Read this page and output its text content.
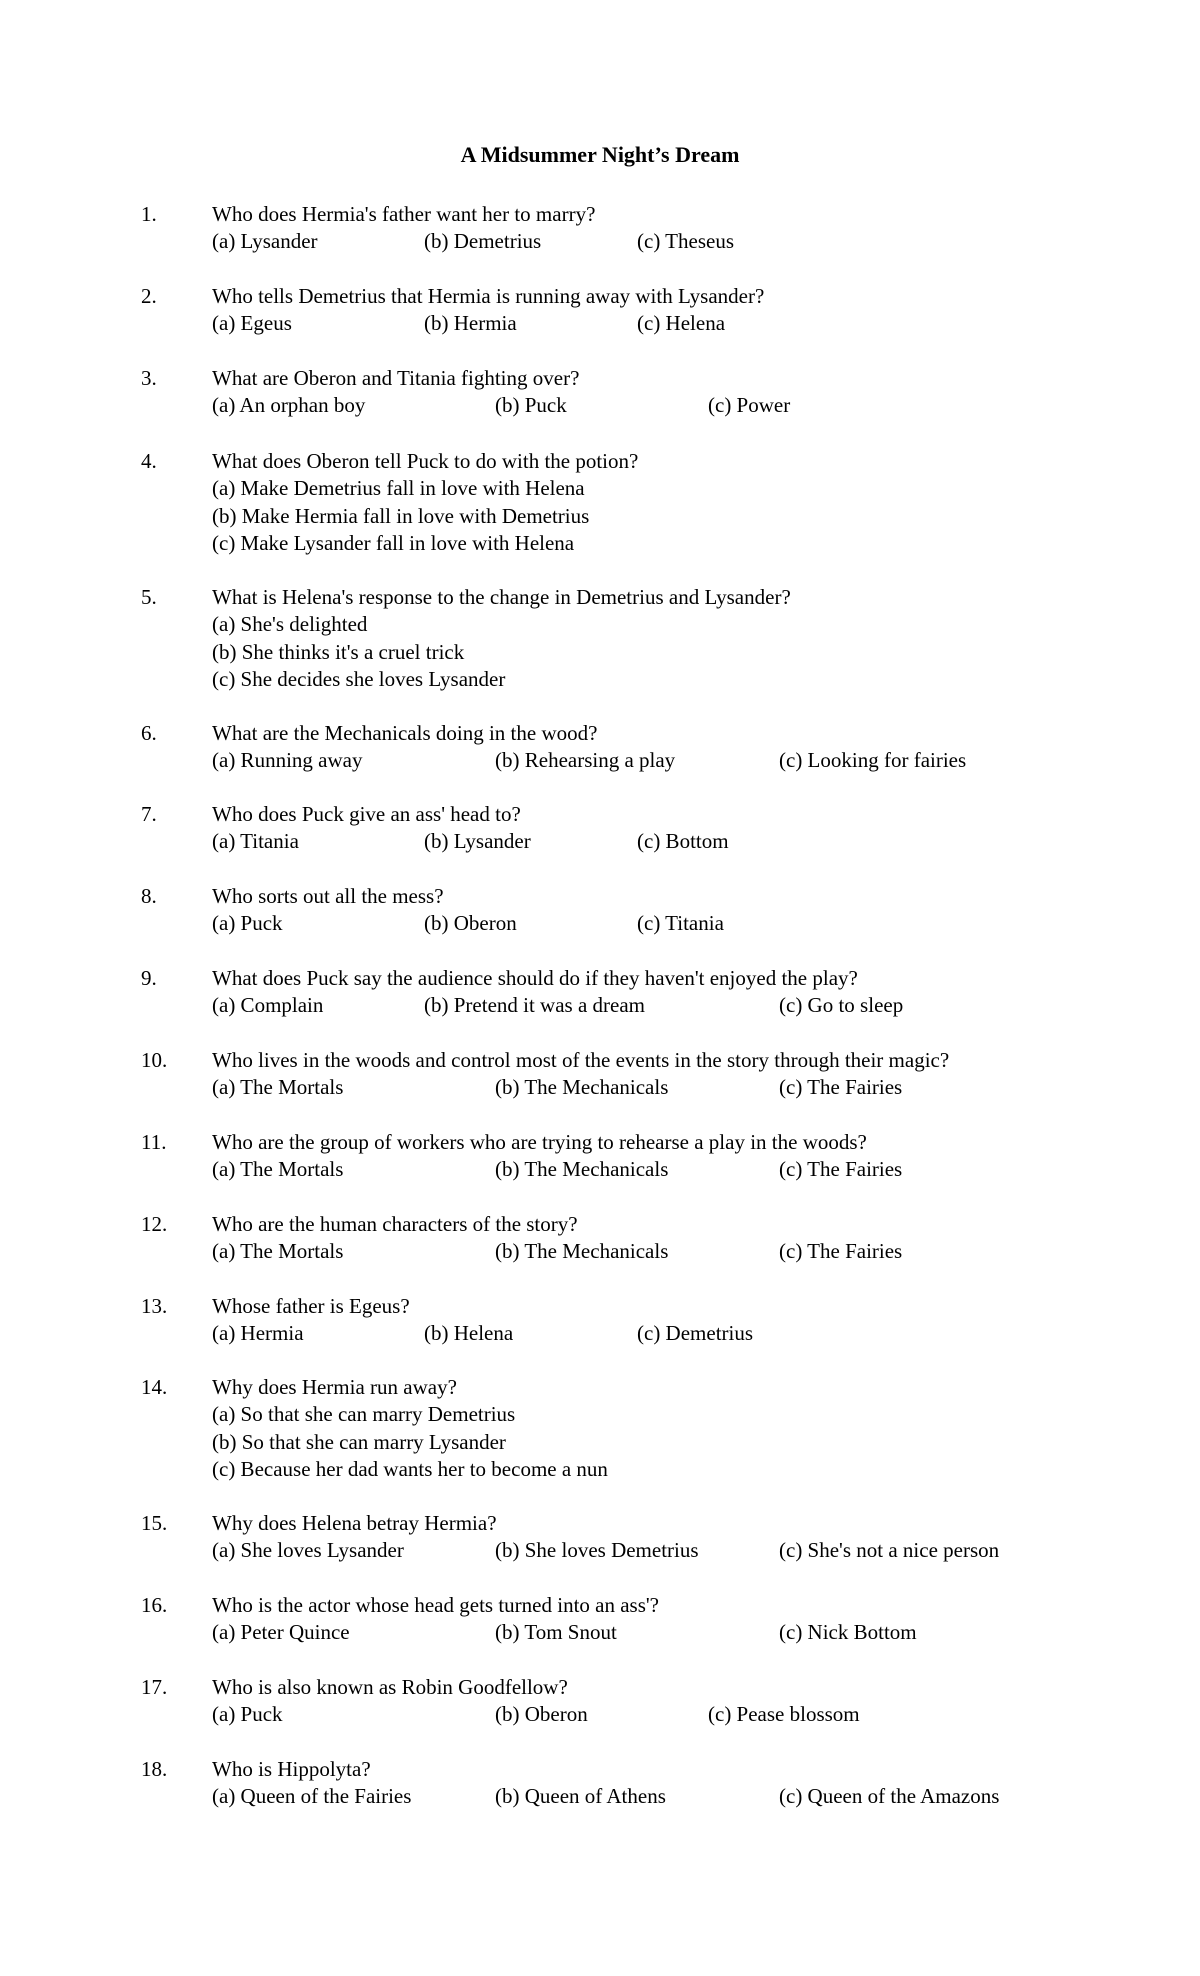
A Midsummer Night’s Dream
1.	Who does Hermia's father want her to marry?
(a) Lysander	(b) Demetrius	(c) Theseus
2.	Who tells Demetrius that Hermia is running away with Lysander?
(a) Egeus	(b) Hermia	(c) Helena
3.	What are Oberon and Titania fighting over?
(a) An orphan boy	(b) Puck	(c) Power
4.	What does Oberon tell Puck to do with the potion?
(a) Make Demetrius fall in love with Helena
(b) Make Hermia fall in love with Demetrius
(c) Make Lysander fall in love with Helena
5.	What is Helena's response to the change in Demetrius and Lysander?
(a) She's delighted
(b) She thinks it's a cruel trick
(c) She decides she loves Lysander
6.	What are the Mechanicals doing in the wood?
(a) Running away	(b) Rehearsing a play	(c) Looking for fairies
7.	Who does Puck give an ass' head to?
(a) Titania	(b) Lysander	(c) Bottom
8.	Who sorts out all the mess?
(a) Puck	(b) Oberon	(c) Titania
9.	What does Puck say the audience should do if they haven't enjoyed the play?
(a) Complain	(b) Pretend it was a dream	(c) Go to sleep
10. Who lives in the woods and control most of the events in the story through their magic?
(a) The Mortals	(b) The Mechanicals	(c) The Fairies
11. Who are the group of workers who are trying to rehearse a play in the woods?
(a) The Mortals	(b) The Mechanicals	(c) The Fairies
12. Who are the human characters of the story?
(a) The Mortals	(b) The Mechanicals	(c) The Fairies
13. Whose father is Egeus?
(a) Hermia	(b) Helena	(c) Demetrius
14. Why does Hermia run away?
(a) So that she can marry Demetrius
(b) So that she can marry Lysander
(c) Because her dad wants her to become a nun
15. Why does Helena betray Hermia?
(a) She loves Lysander	(b) She loves Demetrius	(c) She's not a nice person
16. Who is the actor whose head gets turned into an ass'?
(a) Peter Quince	(b) Tom Snout	(c) Nick Bottom
17. Who is also known as Robin Goodfellow?
(a) Puck	(b) Oberon	(c) Pease blossom
18. Who is Hippolyta?
(a) Queen of the Fairies	(b) Queen of Athens	(c) Queen of the Amazons
